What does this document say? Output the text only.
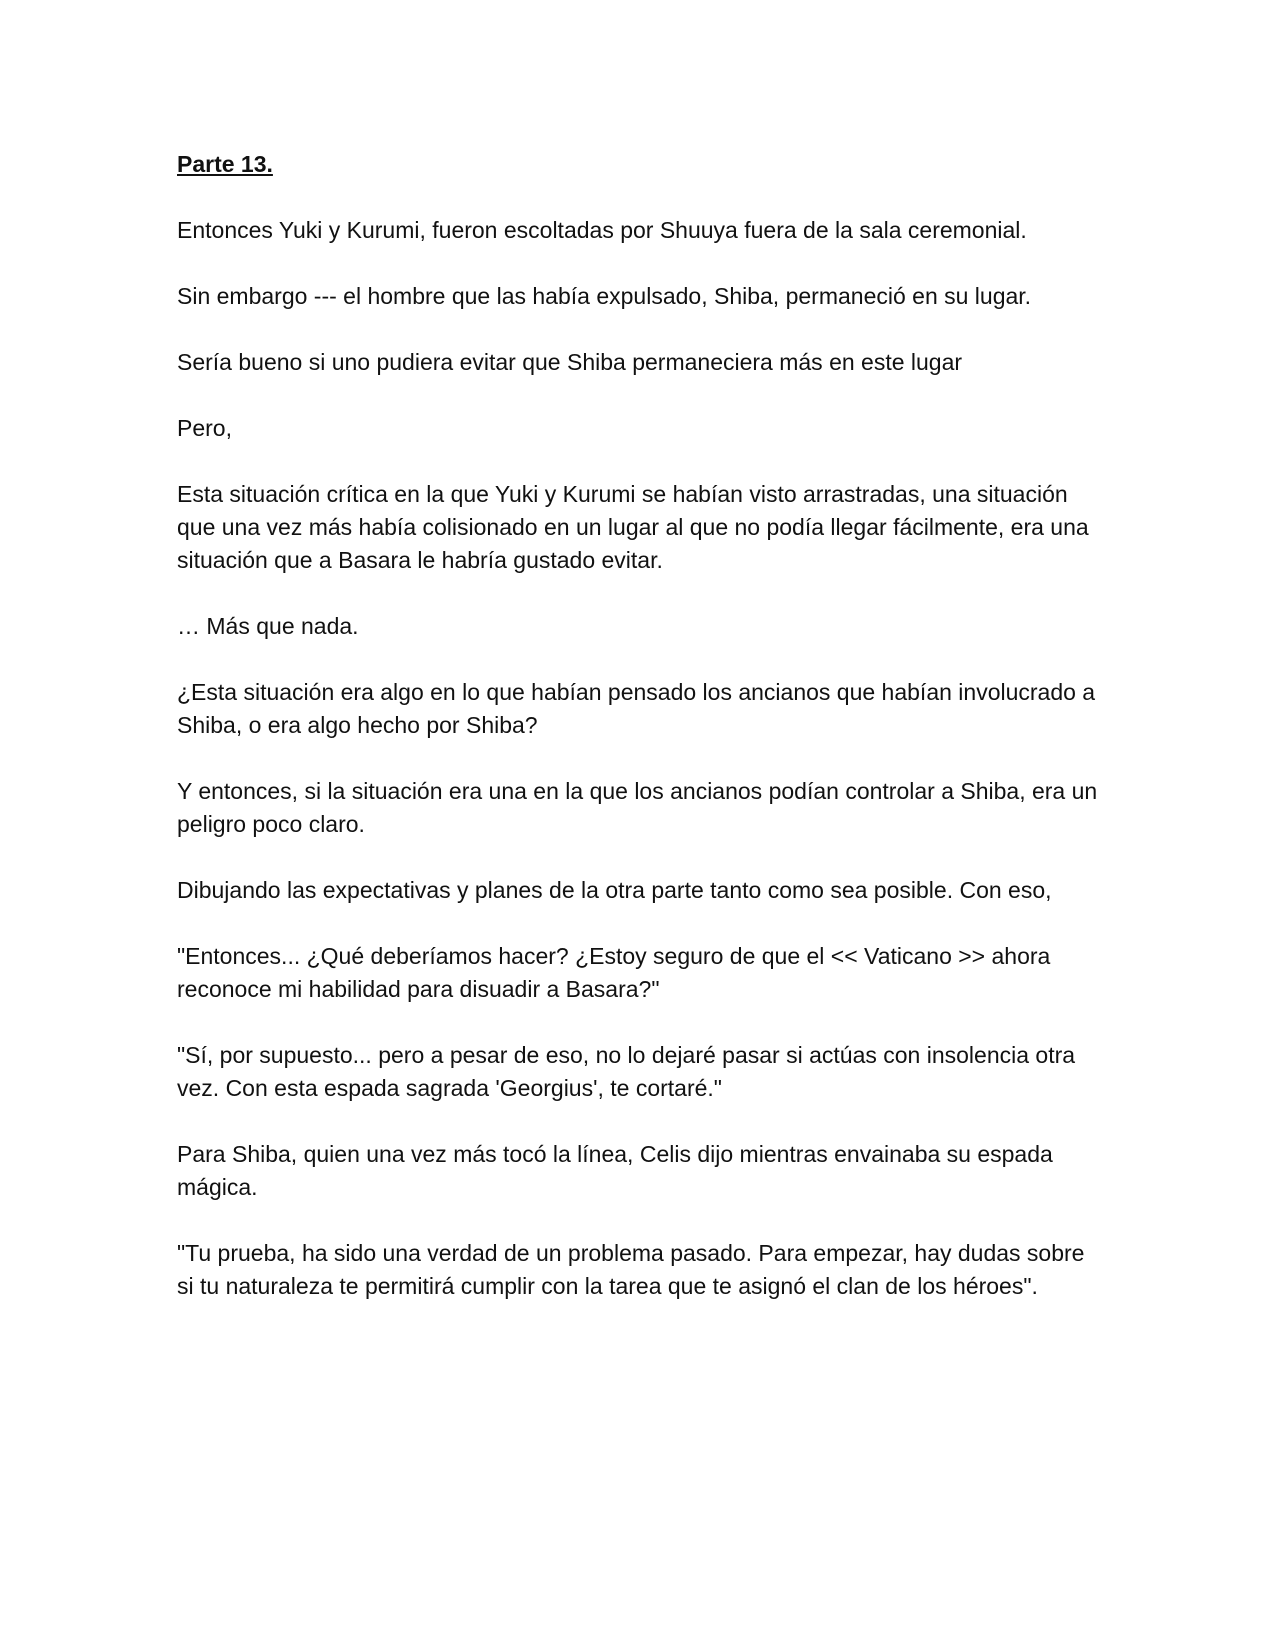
Parte 13.

Entonces Yuki y Kurumi, fueron escoltadas por Shuuya fuera de la sala ceremonial.

Sin embargo --- el hombre que las había expulsado, Shiba, permaneció en su lugar.

Sería bueno si uno pudiera evitar que Shiba permaneciera más en este lugar

Pero,

Esta situación crítica en la que Yuki y Kurumi se habían visto arrastradas, una situación que una vez más había colisionado en un lugar al que no podía llegar fácilmente, era una situación que a Basara le habría gustado evitar.

… Más que nada.

¿Esta situación era algo en lo que habían pensado los ancianos que habían involucrado a Shiba, o era algo hecho por Shiba?

Y entonces, si la situación era una en la que los ancianos podían controlar a Shiba, era un peligro poco claro.

Dibujando las expectativas y planes de la otra parte tanto como sea posible. Con eso,

"Entonces... ¿Qué deberíamos hacer? ¿Estoy seguro de que el << Vaticano >> ahora reconoce mi habilidad para disuadir a Basara?"

"Sí, por supuesto... pero a pesar de eso, no lo dejaré pasar si actúas con insolencia otra vez. Con esta espada sagrada 'Georgius', te cortaré."

Para Shiba, quien una vez más tocó la línea, Celis dijo mientras envainaba su espada mágica.

"Tu prueba, ha sido una verdad de un problema pasado. Para empezar, hay dudas sobre si tu naturaleza te permitirá cumplir con la tarea que te asignó el clan de los héroes".
